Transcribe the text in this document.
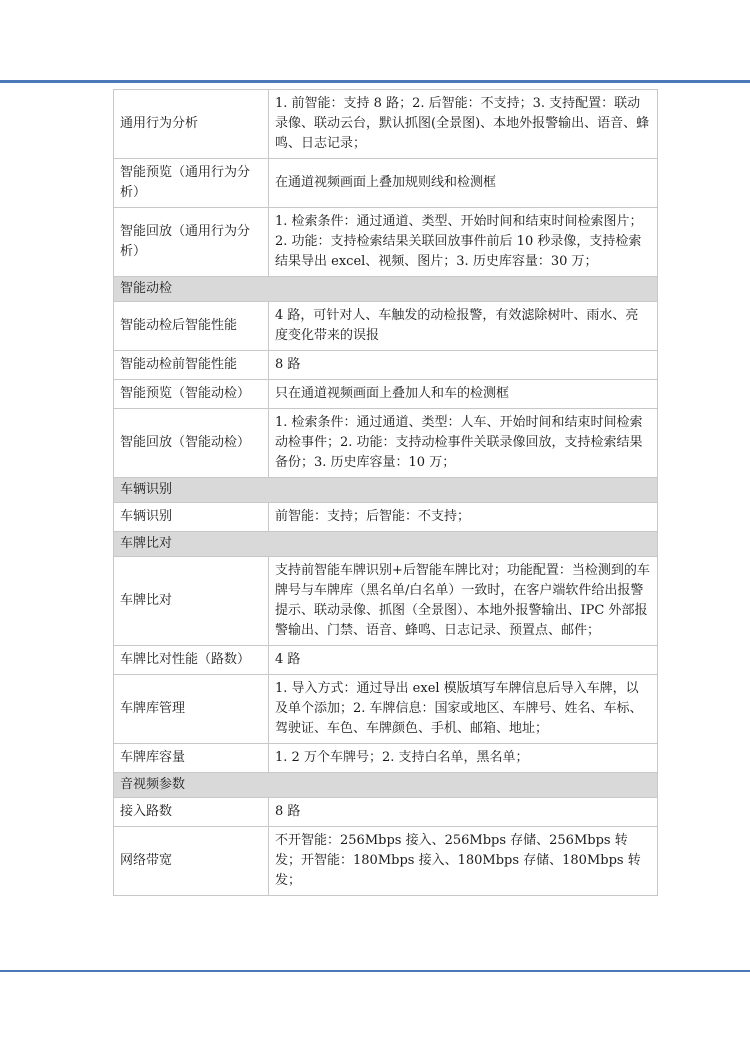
通用行为分析	1. 前智能：支持 8 路；2. 后智能：不支持；3. 支持配置：联动录像、联动云台，默认抓图(全景图)、本地外报警输出、语音、蜂鸣、日志记录；
智能预览（通用行为分析）	在通道视频画面上叠加规则线和检测框
智能回放（通用行为分析）	1. 检索条件：通过通道、类型、开始时间和结束时间检索图片；2. 功能：支持检索结果关联回放事件前后 10 秒录像，支持检索结果导出 excel、视频、图片；3. 历史库容量：30 万；
智能动检	
智能动检后智能性能	4 路，可针对人、车触发的动检报警，有效滤除树叶、雨水、亮度变化带来的误报
智能动检前智能性能	8 路
智能预览（智能动检）	只在通道视频画面上叠加人和车的检测框
智能回放（智能动检）	1. 检索条件：通过通道、类型：人车、开始时间和结束时间检索动检事件；2. 功能：支持动检事件关联录像回放，支持检索结果备份；3. 历史库容量：10 万；
车辆识别	
车辆识别	前智能：支持；后智能：不支持；
车牌比对	
车牌比对	支持前智能车牌识别+后智能车牌比对；功能配置：当检测到的车牌号与车牌库（黑名单/白名单）一致时，在客户端软件给出报警提示、联动录像、抓图（全景图）、本地外报警输出、IPC 外部报警输出、门禁、语音、蜂鸣、日志记录、预置点、邮件；
车牌比对性能（路数）	4 路
车牌库管理	1. 导入方式：通过导出 exel 模版填写车牌信息后导入车牌，以及单个添加；2. 车牌信息：国家或地区、车牌号、姓名、车标、驾驶证、车色、车牌颜色、手机、邮箱、地址；
车牌库容量	1. 2 万个车牌号；2. 支持白名单，黑名单；
音视频参数	
接入路数	8 路
网络带宽	不开智能：256Mbps 接入、256Mbps 存储、256Mbps 转发；开智能：180Mbps 接入、180Mbps 存储、180Mbps 转发；
